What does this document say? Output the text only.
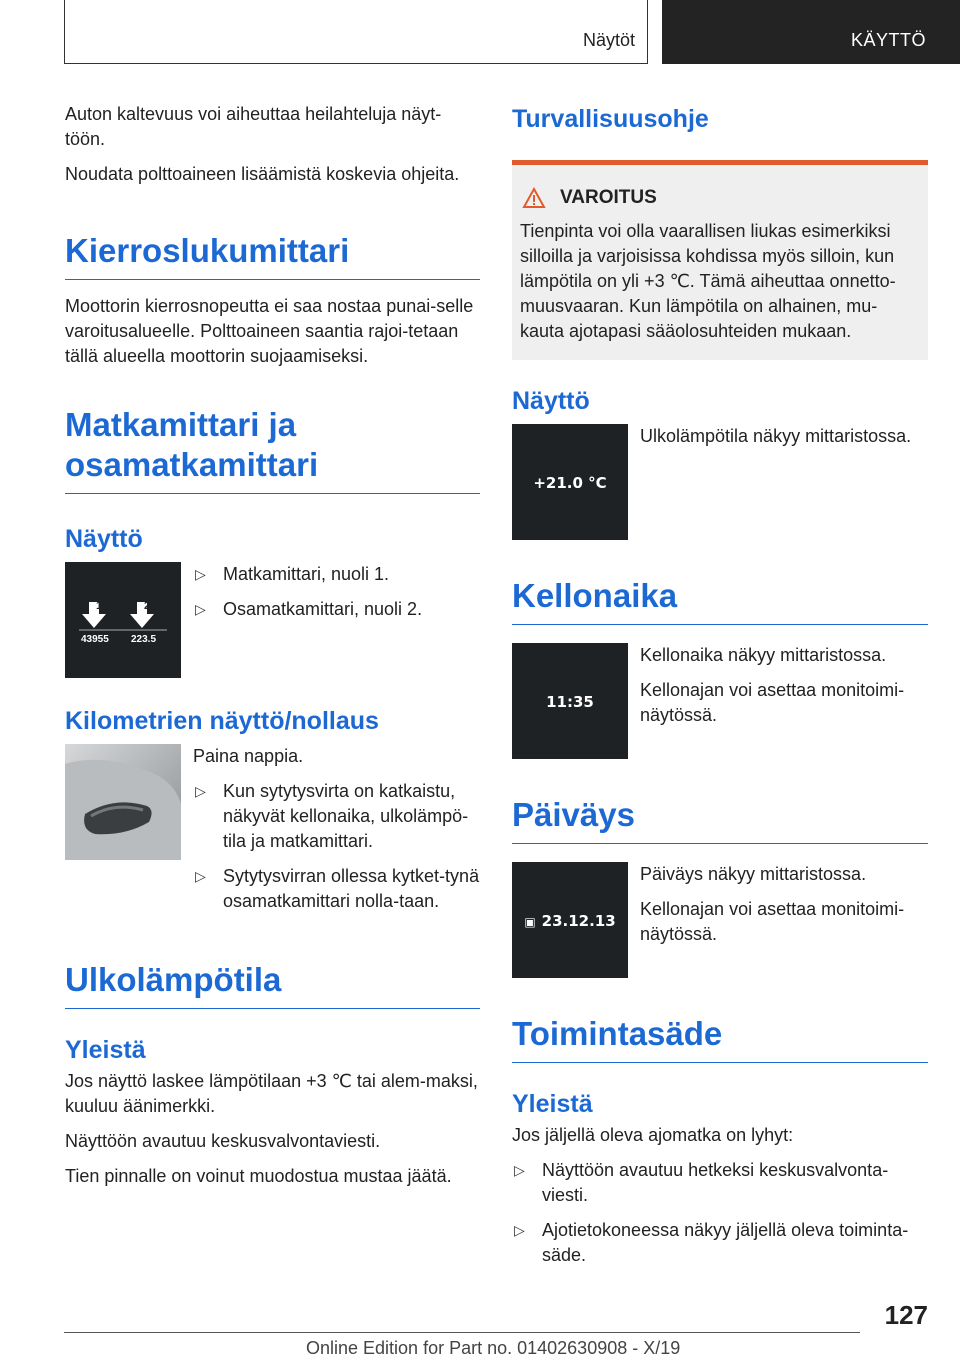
Näytöt	KÄYTTÖ

Auton kaltevuus voi aiheuttaa heilahteluja näyt-töön.

Noudata polttoaineen lisäämistä koskevia ohjeita.

Kierroslukumittari

Moottorin kierrosnopeutta ei saa nostaa punai-selle varoitusalueelle. Polttoaineen saantia rajoi-tetaan tällä alueella moottorin suojaamiseksi.

Matkamittari ja osamatkamittari
Näyttö
1	2
43955 223.5
▷ Matkamittari, nuoli 1.
▷ Osamatkamittari, nuoli 2.
Kilometrien näyttö/nollaus

Paina nappia.

▷ Kun sytytysvirta on katkaistu, näkyvät kellonaika, ulkolämpö-tila ja matkamittari.
▷ Sytytysvirran ollessa kytket-tynä osamatkamittari nolla-taan.
Ulkolämpötila
Yleistä

Jos näyttö laskee lämpötilaan +3 ℃ tai alem-maksi, kuuluu äänimerkki.

Näyttöön avautuu keskusvalvontaviesti.

Tien pinnalle on voinut muodostua mustaa jäätä.

Turvallisuusohje
VAROITUS

Tienpinta voi olla vaarallisen liukas esimerkiksi silloilla ja varjoisissa kohdissa myös silloin, kun lämpötila on yli +3 ℃. Tämä aiheuttaa onnetto-muusvaaran. Kun lämpötila on alhainen, mu-kauta ajotapasi sääolosuhteiden mukaan.

Näyttö
+21.0 °C

Ulkolämpötila näkyy mittaristossa.

Kellonaika
11:35

Kellonaika näkyy mittaristossa.

Kellonajan voi asettaa monitoimi-näytössä.

Päiväys
▣ 23.12.13

Päiväys näkyy mittaristossa.

Kellonajan voi asettaa monitoimi-näytössä.

Toimintasäde
Yleistä

Jos jäljellä oleva ajomatka on lyhyt:

▷ Näyttöön avautuu hetkeksi keskusvalvonta-viesti.
▷ Ajotietokoneessa näkyy jäljellä oleva toiminta-säde.
127
Online Edition for Part no. 01402630908 - X/19
